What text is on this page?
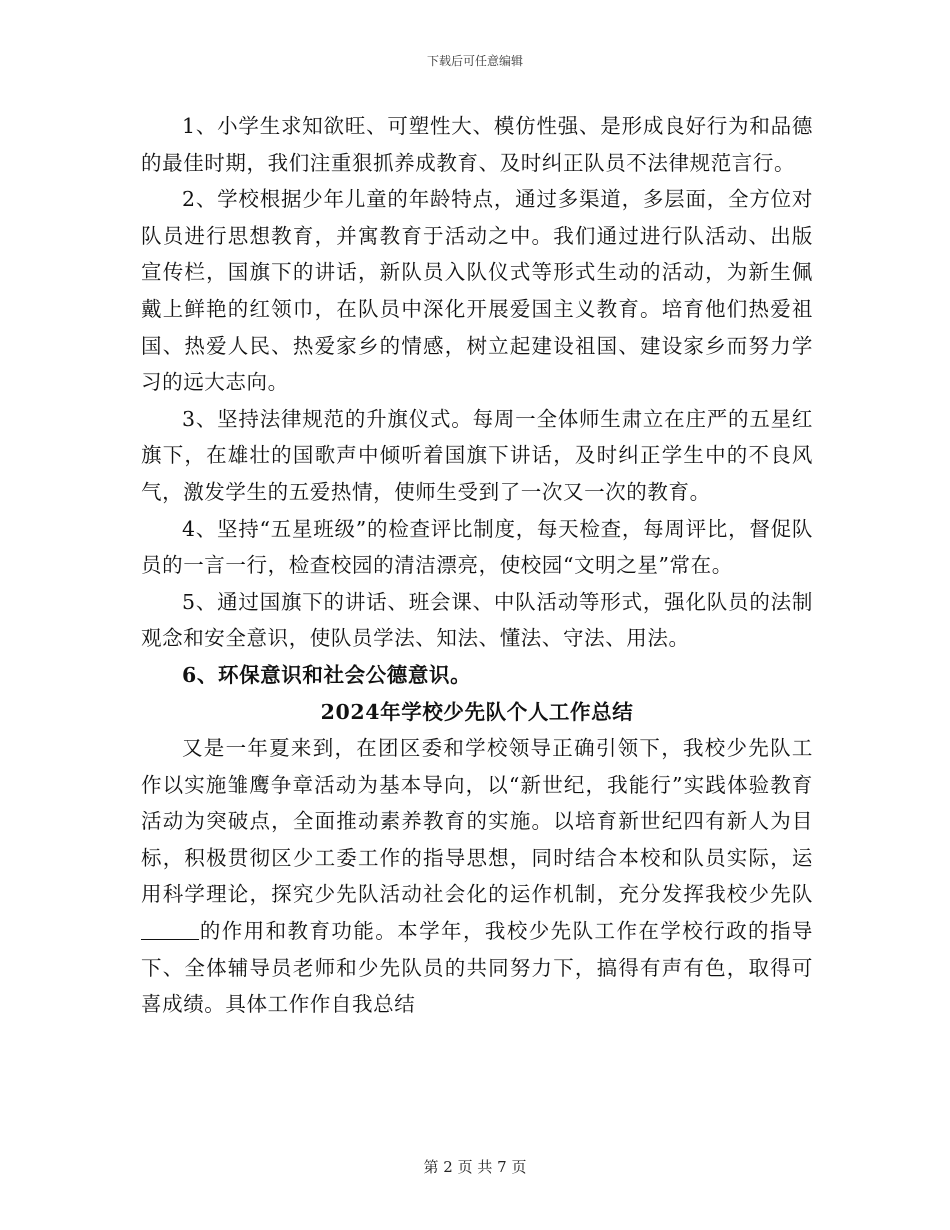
下载后可任意编辑

1、小学生求知欲旺、可塑性大、模仿性强、是形成良好行为和品德的最佳时期，我们注重狠抓养成教育、及时纠正队员不法律规范言行。

2、学校根据少年儿童的年龄特点，通过多渠道，多层面，全方位对队员进行思想教育，并寓教育于活动之中。我们通过进行队活动、出版宣传栏，国旗下的讲话，新队员入队仪式等形式生动的活动，为新生佩戴上鲜艳的红领巾，在队员中深化开展爱国主义教育。培育他们热爱祖国、热爱人民、热爱家乡的情感，树立起建设祖国、建设家乡而努力学习的远大志向。

3、坚持法律规范的升旗仪式。每周一全体师生肃立在庄严的五星红旗下，在雄壮的国歌声中倾听着国旗下讲话，及时纠正学生中的不良风气，激发学生的五爱热情，使师生受到了一次又一次的教育。

4、坚持“五星班级”的检查评比制度，每天检查，每周评比，督促队员的一言一行，检查校园的清洁漂亮，使校园“文明之星”常在。

5、通过国旗下的讲话、班会课、中队活动等形式，强化队员的法制观念和安全意识，使队员学法、知法、懂法、守法、用法。

6、环保意识和社会公德意识。

2024年学校少先队个人工作总结

又是一年夏来到，在团区委和学校领导正确引领下，我校少先队工作以实施雏鹰争章活动为基本导向，以“新世纪，我能行”实践体验教育活动为突破点，全面推动素养教育的实施。以培育新世纪四有新人为目标，积极贯彻区少工委工作的指导思想，同时结合本校和队员实际，运用科学理论，探究少先队活动社会化的运作机制，充分发挥我校少先队的作用和教育功能。本学年，我校少先队工作在学校行政的指导下、全体辅导员老师和少先队员的共同努力下，搞得有声有色，取得可喜成绩。具体工作作自我总结

第 2 页 共 7 页
